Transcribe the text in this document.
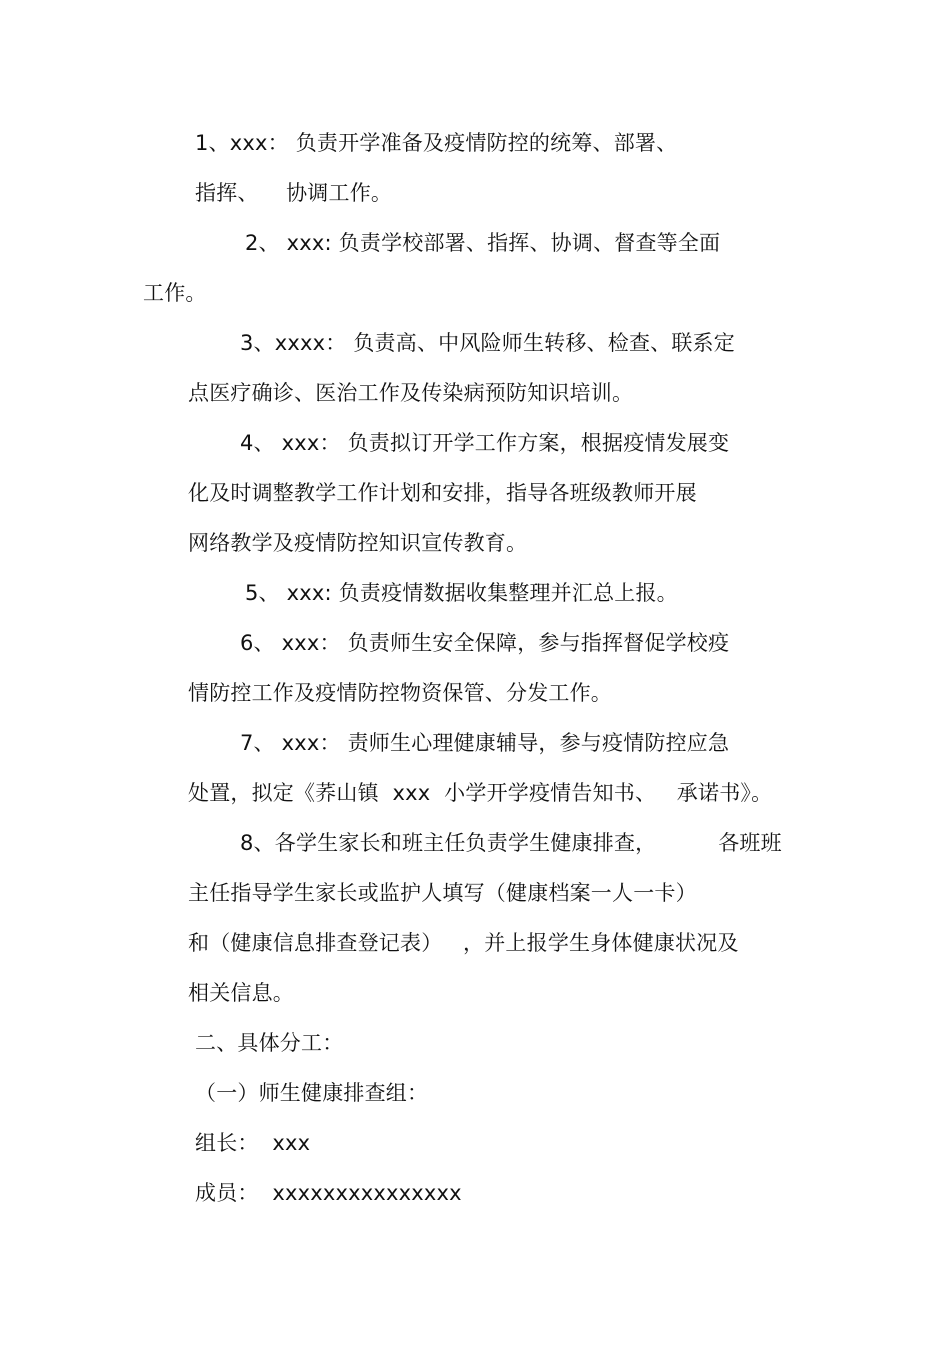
1、xxx： 负责开学准备及疫情防控的统筹、部署、
指挥、    协调工作。
2、 xxx: 负责学校部署、指挥、协调、督查等全面
工作。
3、xxxx： 负责高、中风险师生转移、检查、联系定
点医疗确诊、医治工作及传染病预防知识培训。
4、 xxx： 负责拟订开学工作方案，根据疫情发展变
化及时调整教学工作计划和安排，指导各班级教师开展
网络教学及疫情防控知识宣传教育。
5、 xxx: 负责疫情数据收集整理并汇总上报。
6、 xxx： 负责师生安全保障，参与指挥督促学校疫
情防控工作及疫情防控物资保管、分发工作。
7、 xxx： 责师生心理健康辅导，参与疫情防控应急
处置，拟定《荞山镇  xxx  小学开学疫情告知书、   承诺书》。
8、各学生家长和班主任负责学生健康排查，         各班班
主任指导学生家长或监护人填写（健康档案一人一卡）
和（健康信息排查登记表）   ，并上报学生身体健康状况及
相关信息。
二、具体分工：
（一）师生健康排查组：
组长：  xxx
成员：  xxxxxxxxxxxxxxx
